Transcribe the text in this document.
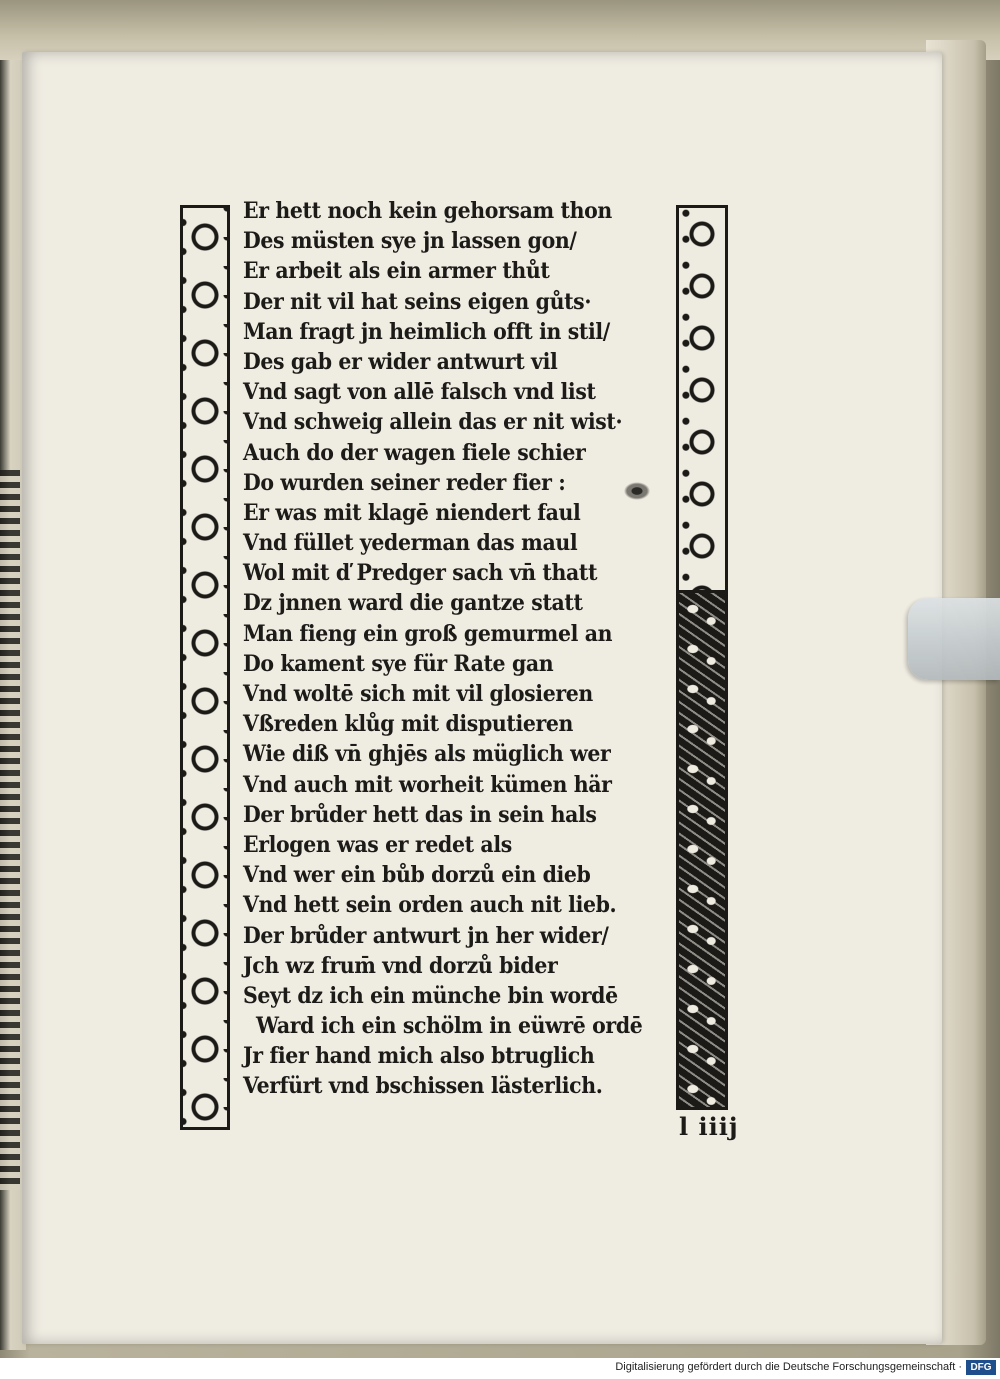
Er hett noch kein gehorsam thon
Des müsten sye jn lassen gon/
Er arbeit als ein armer thůt
Der nit vil hat seins eigen gůts·
Man fragt jn heimlich offt in stil/
Des gab er wider antwurt vil
Vnd sagt von allē falsch vnd list
Vnd schweig allein das er nit wist·
Auch do der wagen fiele schier
Do wurden seiner reder fier :
Er was mit klagē niendert faul
Vnd füllet yederman das maul
Wol mit ď Predger sach vn̄ thatt
Dz jnnen ward die gantze statt
Man fieng ein groß gemurmel an
Do kament sye für Rate gan
Vnd woltē sich mit vil glosieren
Vßreden klůg mit disputieren
Wie diß vn̄ ghjēs als müglich wer
Vnd auch mit worheit kümen här
Der brůder hett das in sein hals
Erlogen was er redet als
Vnd wer ein bůb dorzů ein dieb
Vnd hett sein orden auch nit lieb.
Der brůder antwurt jn her wider/
Jch wz frum̄ vnd dorzů bider
Seyt dz ich ein münche bin wordē
Ward ich ein schölm in eüwrē ordē
Jr fier hand mich also btruglich
Verfürt vnd bschissen lästerlich.
l iiij
Digitalisierung gefördert durch die Deutsche Forschungsgemeinschaft · DFG
